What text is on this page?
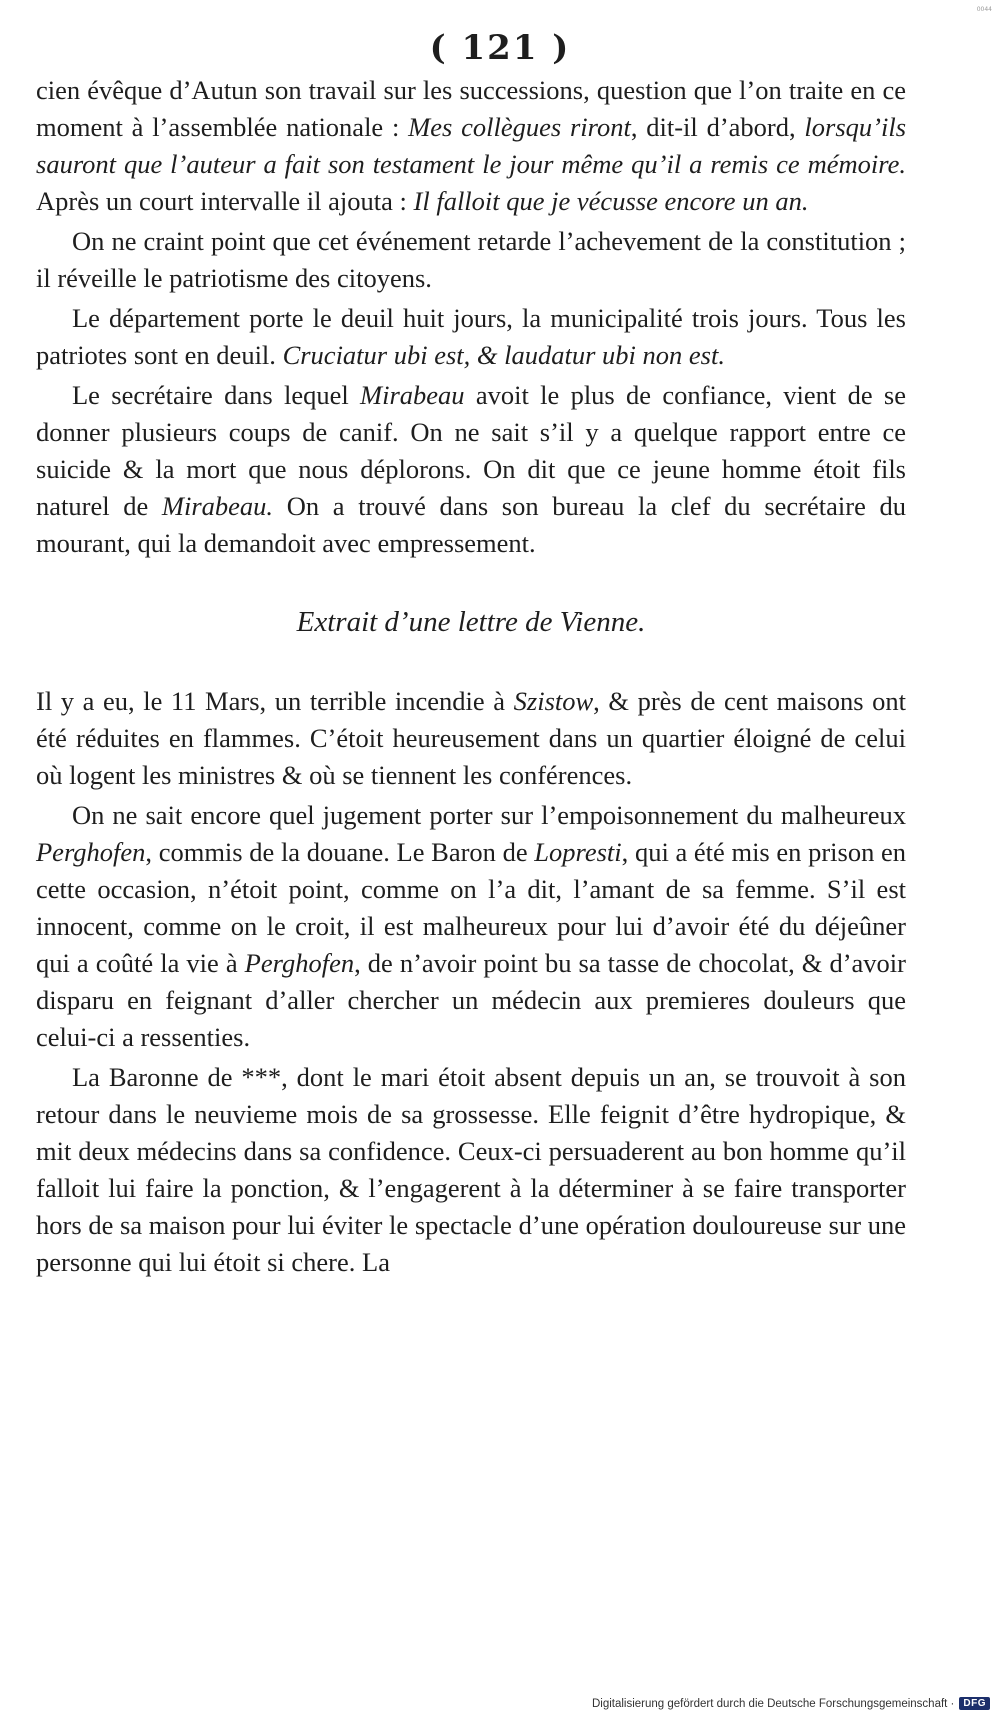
0044
( 121 )

cien évêque d’Autun son travail sur les successions, question que l’on traite en ce moment à l’assemblée nationale : Mes collègues riront, dit-il d’abord, lorsqu’ils sauront que l’auteur a fait son testament le jour même qu’il a remis ce mémoire. Après un court intervalle il ajouta : Il falloit que je vécusse encore un an.

On ne craint point que cet événement retarde l’achevement de la constitution ; il réveille le patriotisme des citoyens.

Le département porte le deuil huit jours, la municipalité trois jours. Tous les patriotes sont en deuil. Cruciatur ubi est, & laudatur ubi non est.

Le secrétaire dans lequel Mirabeau avoit le plus de confiance, vient de se donner plusieurs coups de canif. On ne sait s’il y a quelque rapport entre ce suicide & la mort que nous déplorons. On dit que ce jeune homme étoit fils naturel de Mirabeau. On a trouvé dans son bureau la clef du secrétaire du mourant, qui la demandoit avec empressement.

Extrait d’une lettre de Vienne.

Il y a eu, le 11 Mars, un terrible incendie à Szistow, & près de cent maisons ont été réduites en flammes. C’étoit heureusement dans un quartier éloigné de celui où logent les ministres & où se tiennent les conférences.

On ne sait encore quel jugement porter sur l’empoisonnement du malheureux Perghofen, commis de la douane. Le Baron de Lopresti, qui a été mis en prison en cette occasion, n’étoit point, comme on l’a dit, l’amant de sa femme. S’il est innocent, comme on le croit, il est malheureux pour lui d’avoir été du déjeûner qui a coûté la vie à Perghofen, de n’avoir point bu sa tasse de chocolat, & d’avoir disparu en feignant d’aller chercher un médecin aux premieres douleurs que celui-ci a ressenties.

La Baronne de ***, dont le mari étoit absent depuis un an, se trouvoit à son retour dans le neuvieme mois de sa grossesse. Elle feignit d’être hydropique, & mit deux médecins dans sa confidence. Ceux-ci persuaderent au bon homme qu’il falloit lui faire la ponction, & l’engagerent à la déterminer à se faire transporter hors de sa maison pour lui éviter le spectacle d’une opération douloureuse sur une personne qui lui étoit si chere. La

Digitalisierung gefördert durch die Deutsche Forschungsgemeinschaft · DFG
